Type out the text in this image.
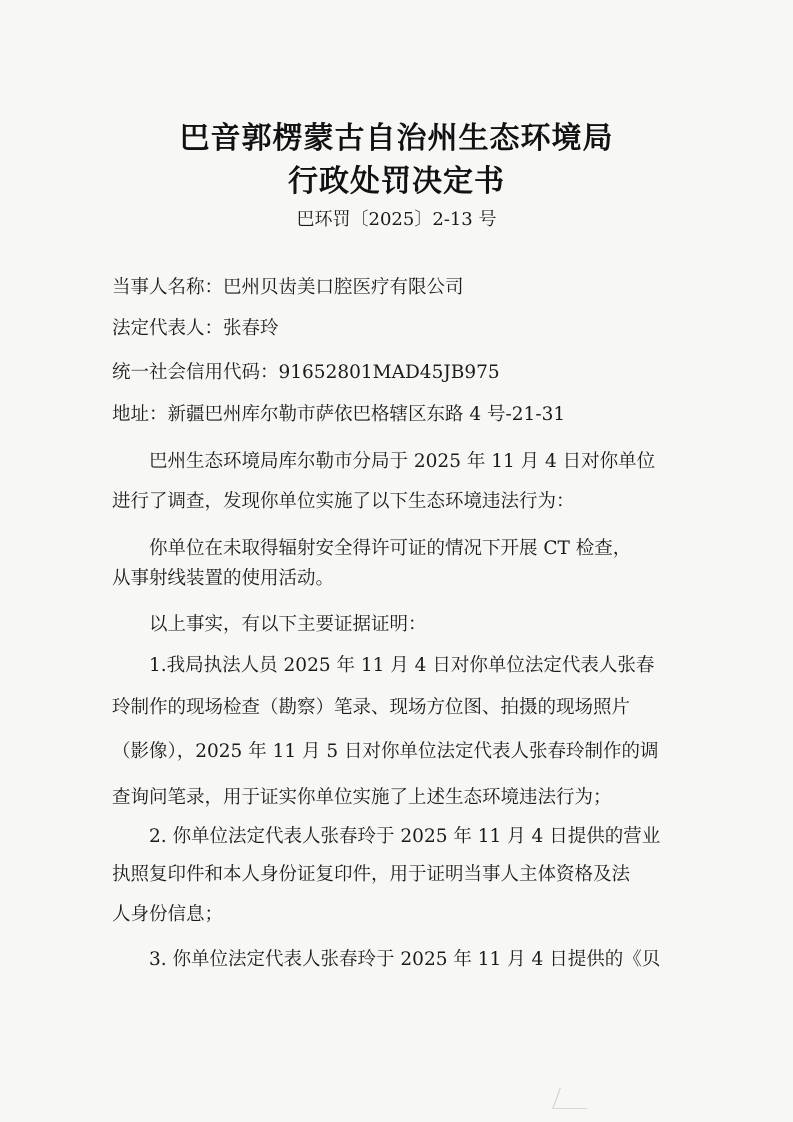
巴音郭楞蒙古自治州生态环境局
行政处罚决定书
巴环罚〔2025〕2-13 号
当事人名称：巴州贝齿美口腔医疗有限公司
法定代表人：张春玲
统一社会信用代码：91652801MAD45JB975
地址：新疆巴州库尔勒市萨依巴格辖区东路 4 号-21-31
　　巴州生态环境局库尔勒市分局于 2025 年 11 月 4 日对你单位
进行了调查，发现你单位实施了以下生态环境违法行为：
　　你单位在未取得辐射安全得许可证的情况下开展 CT 检查，
从事射线装置的使用活动。
　　以上事实，有以下主要证据证明：
　　1.我局执法人员 2025 年 11 月 4 日对你单位法定代表人张春
玲制作的现场检查（勘察）笔录、现场方位图、拍摄的现场照片
（影像），2025 年 11 月 5 日对你单位法定代表人张春玲制作的调
查询问笔录，用于证实你单位实施了上述生态环境违法行为；
　　2. 你单位法定代表人张春玲于 2025 年 11 月 4 日提供的营业
执照复印件和本人身份证复印件，用于证明当事人主体资格及法
人身份信息；
　　3. 你单位法定代表人张春玲于 2025 年 11 月 4 日提供的《贝
